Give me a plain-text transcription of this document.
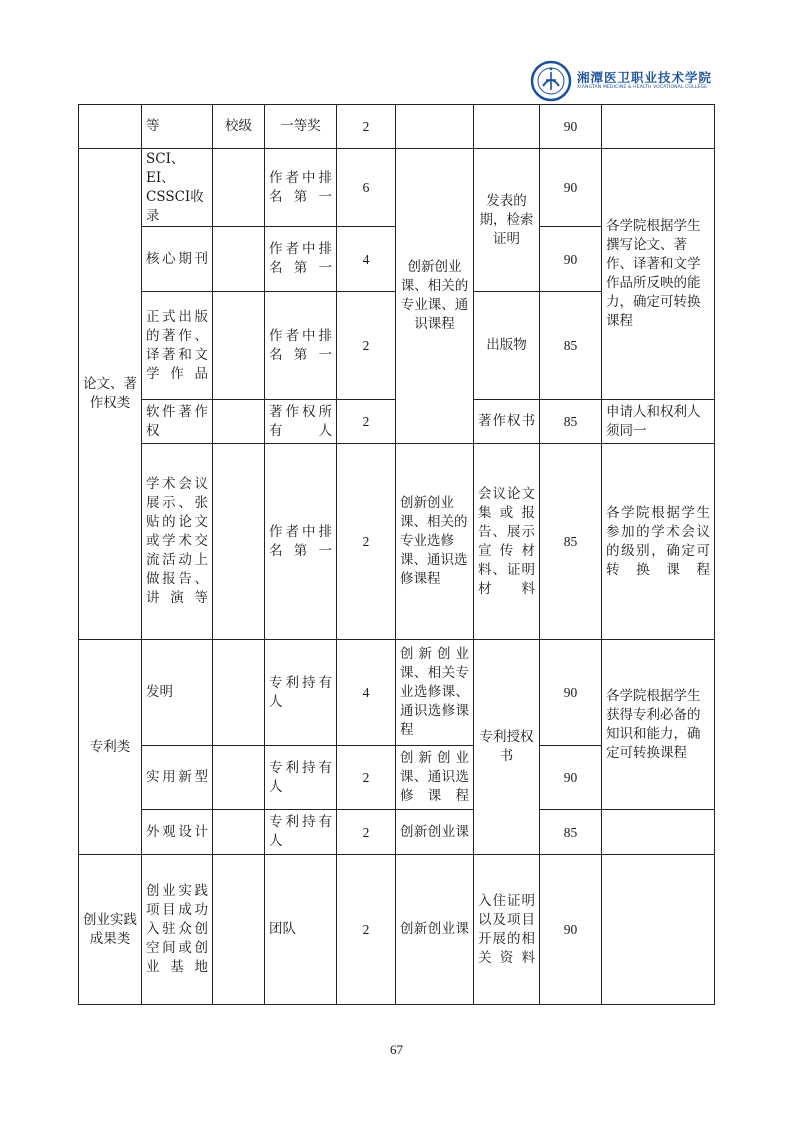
湘潭医卫职业技术学院
XIANGTAN MEDICINE & HEALTH VOCATIONAL COLLEGE
	等	校级	一等奖	2			90	
论文、著作权类	SCI、EI、CSSCI收录		作者中排名第一	6	创新创业课、相关的专业课、通识课程	发表的期，检索证明	90	各学院根据学生撰写论文、著作、译著和文学作品所反映的能力，确定可转换课程
	核心期刊		作者中排名第一	4			90	
	正式出版的著作、译著和文学作品		作者中排名第一	2		出版物	85	
	软件著作权		著作权所有人	2		著作权书	85	申请人和权利人须同一
	学术会议展示、张贴的论文或学术交流活动上做报告、讲演等		作者中排名第一	2	创新创业课、相关的专业选修课、通识选修课程	会议论文集或报告、展示宣传材料、证明材料	85	各学院根据学生参加的学术会议的级别，确定可转换课程
专利类	发明		专利持有人	4	创新创业课、相关专业选修课、通识选修课程	专利授权书	90	各学院根据学生获得专利必备的知识和能力，确定可转换课程
	实用新型		专利持有人	2	创新创业课、通识选修课程		90	
	外观设计		专利持有人	2	创新创业课		85	
创业实践成果类	创业实践项目成功入驻众创空间或创业基地		团队	2	创新创业课	入住证明以及项目开展的相关资料	90	
67
